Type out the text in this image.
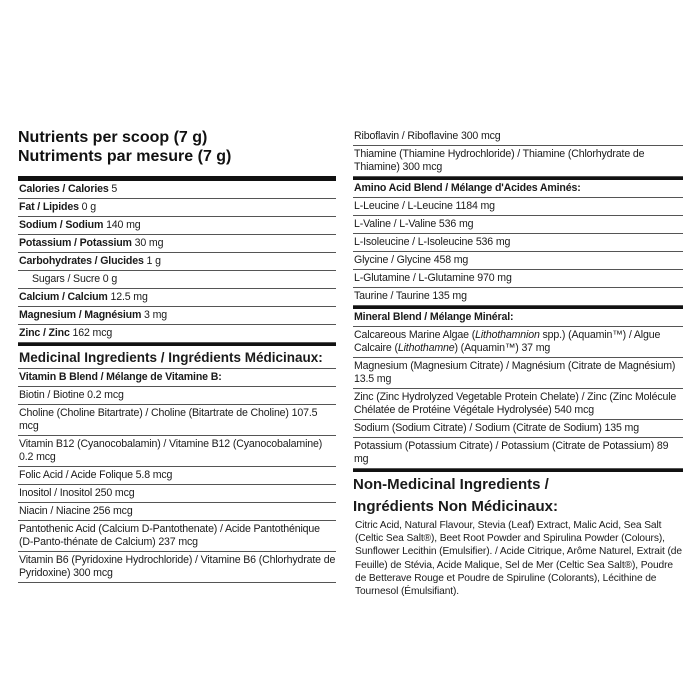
Nutrients per scoop (7 g)
Nutriments par mesure (7 g)
Calories / Calories 5
Fat / Lipides 0 g
Sodium / Sodium 140 mg
Potassium / Potassium 30 mg
Carbohydrates / Glucides 1 g
Sugars / Sucre 0 g
Calcium / Calcium 12.5 mg
Magnesium / Magnésium 3 mg
Zinc / Zinc 162 mcg
Medicinal Ingredients / Ingrédients Médicinaux:
Vitamin B Blend / Mélange de Vitamine B:
Biotin / Biotine 0.2 mcg
Choline (Choline Bitartrate) / Choline (Bitartrate de Choline) 107.5 mcg
Vitamin B12 (Cyanocobalamin) / Vitamine B12 (Cyanocobalamine) 0.2 mcg
Folic Acid / Acide Folique 5.8 mcg
Inositol / Inositol 250 mcg
Niacin / Niacine 256 mcg
Pantothenic Acid (Calcium D-Pantothenate) / Acide Pantothénique (D-Panto-thénate de Calcium) 237 mcg
Vitamin B6 (Pyridoxine Hydrochloride) / Vitamine B6 (Chlorhydrate de Pyridoxine) 300 mcg
Riboflavin / Riboflavine 300 mcg
Thiamine (Thiamine Hydrochloride) / Thiamine (Chlorhydrate de Thiamine) 300 mcg
Amino Acid Blend / Mélange d'Acides Aminés:
L-Leucine / L-Leucine 1184 mg
L-Valine / L-Valine 536 mg
L-Isoleucine / L-Isoleucine 536 mg
Glycine / Glycine 458 mg
L-Glutamine / L-Glutamine 970 mg
Taurine / Taurine 135 mg
Mineral Blend / Mélange Minéral:
Calcareous Marine Algae (Lithothamnion spp.) (Aquamin™) / Algue Calcaire (Lithothamne) (Aquamin™) 37 mg
Magnesium (Magnesium Citrate) / Magnésium (Citrate de Magnésium) 13.5 mg
Zinc (Zinc Hydrolyzed Vegetable Protein Chelate) / Zinc (Zinc Molécule Chélatée de Protéine Végétale Hydrolysée) 540 mcg
Sodium (Sodium Citrate) / Sodium (Citrate de Sodium) 135 mg
Potassium (Potassium Citrate) / Potassium (Citrate de Potassium) 89 mg
Non-Medicinal Ingredients /
Ingrédients Non Médicinaux:
Citric Acid, Natural Flavour, Stevia (Leaf) Extract, Malic Acid, Sea Salt (Celtic Sea Salt®), Beet Root Powder and Spirulina Powder (Colours), Sunflower Lecithin (Emulsifier). / Acide Citrique, Arôme Naturel, Extrait (de Feuille) de Stévia, Acide Malique, Sel de Mer (Celtic Sea Salt®), Poudre de Betterave Rouge et Poudre de Spiruline (Colorants), Lécithine de Tournesol (Émulsifiant).
